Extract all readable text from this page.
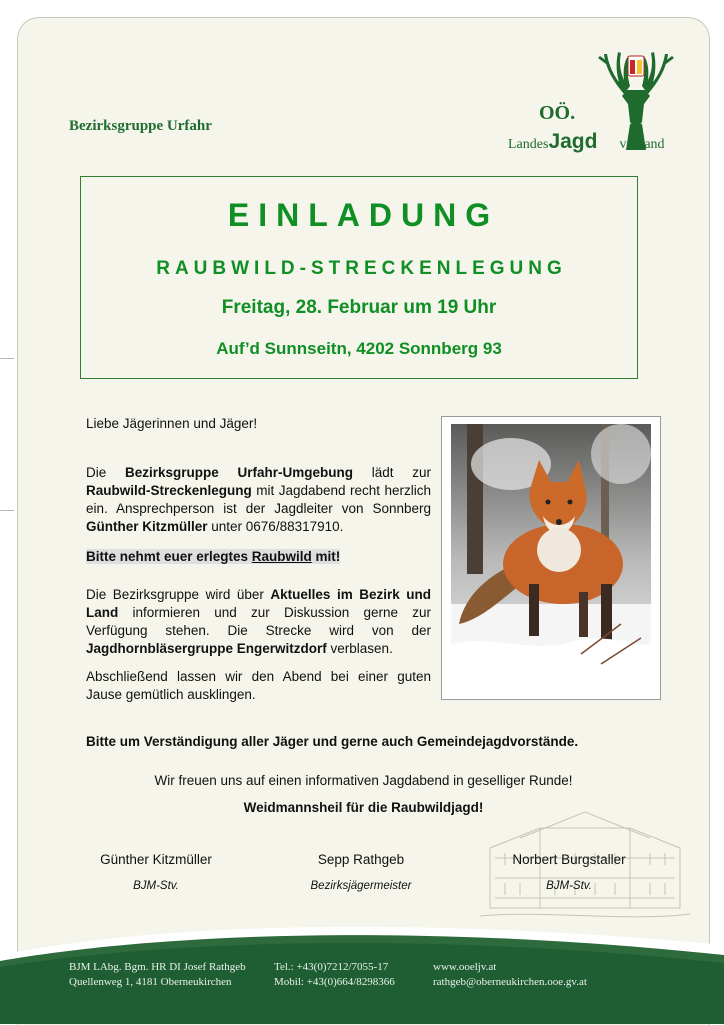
Bezirksgruppe Urfahr
OÖ.
LandesJagd verband
EINLADUNG
RAUBWILD-STRECKENLEGUNG
Freitag, 28. Februar um 19 Uhr
Auf’d Sunnseitn, 4202 Sonnberg 93
Liebe Jägerinnen und Jäger!
Die Bezirksgruppe Urfahr-Umgebung lädt zur Raubwild-Streckenlegung mit Jagdabend recht herzlich ein. Ansprechperson ist der Jagdleiter von Sonnberg Günther Kitzmüller unter 0676/88317910.
Bitte nehmt euer erlegtes Raubwild mit!
Die Bezirksgruppe wird über Aktuelles im Bezirk und Land informieren und zur Diskussion gerne zur Verfügung stehen. Die Strecke wird von der Jagdhornbläsergruppe Engerwitzdorf verblasen.
Abschließend lassen wir den Abend bei einer guten Jause gemütlich ausklingen.
Bitte um Verständigung aller Jäger und gerne auch Gemeindejagdvorstände.
Wir freuen uns auf einen informativen Jagdabend in geselliger Runde!
Weidmannsheil für die Raubwildjagd!
Günther Kitzmüller
BJM-Stv.
Sepp Rathgeb
Bezirksjägermeister
Norbert Burgstaller
BJM-Stv.
BJM LAbg. Bgm. HR DI Josef Rathgeb
Quellenweg 1, 4181 Oberneukirchen
Tel.: +43(0)7212/7055-17
Mobil: +43(0)664/8298366
www.ooeljv.at
rathgeb@oberneukirchen.ooe.gv.at
